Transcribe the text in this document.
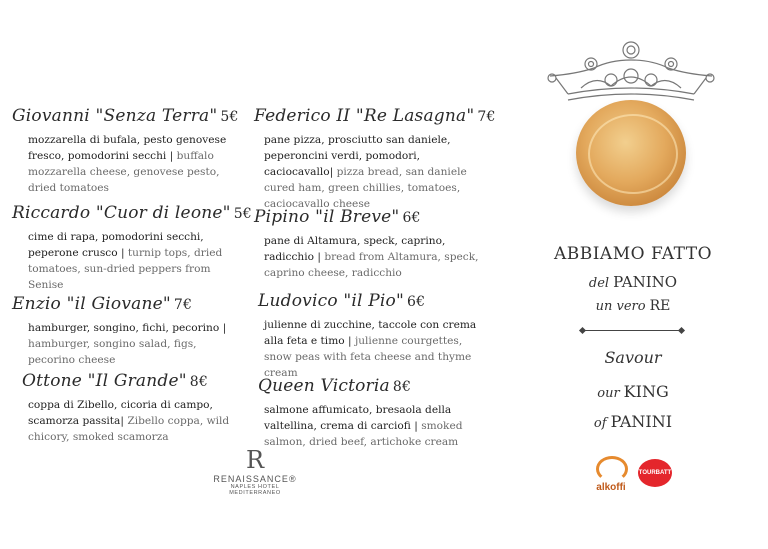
Giovanni "Senza Terra" 5€
mozzarella di bufala, pesto genovese fresco, pomodorini secchi | buffalo mozzarella cheese, genovese pesto, dried tomatoes
Riccardo "Cuor di leone" 5€
cime di rapa, pomodorini secchi, peperone crusco | turnip tops, dried tomatoes, sun-dried peppers from Senise
Enzio "il Giovane" 7€
hamburger, songino, fichi, pecorino | hamburger, songino salad, figs, pecorino cheese
Ottone "Il Grande" 8€
coppa di Zibello, cicoria di campo, scamorza passita| Zibello coppa, wild chicory, smoked scamorza
Federico II "Re Lasagna" 7€
pane pizza, prosciutto san daniele, peperoncini verdi, pomodori, caciocavallo| pizza bread, san daniele cured ham, green chillies, tomatoes, caciocavallo cheese
Pipino "il Breve" 6€
pane di Altamura, speck, caprino, radicchio | bread from Altamura, speck, caprino cheese, radicchio
Ludovico "il Pio" 6€
julienne di zucchine, taccole con crema alla feta e timo | julienne courgettes, snow peas with feta cheese and thyme cream
Queen Victoria 8€
salmone affumicato, bresaola della valtellina, crema di carciofi | smoked salmon, dried beef, artichoke cream
R
RENAISSANCE®
NAPLES HOTEL MEDITERRANEO
ABBIAMO FATTO
del PANINO
un vero RE
Savour
our KING
of PANINI
alkoffi
TOURBATT
